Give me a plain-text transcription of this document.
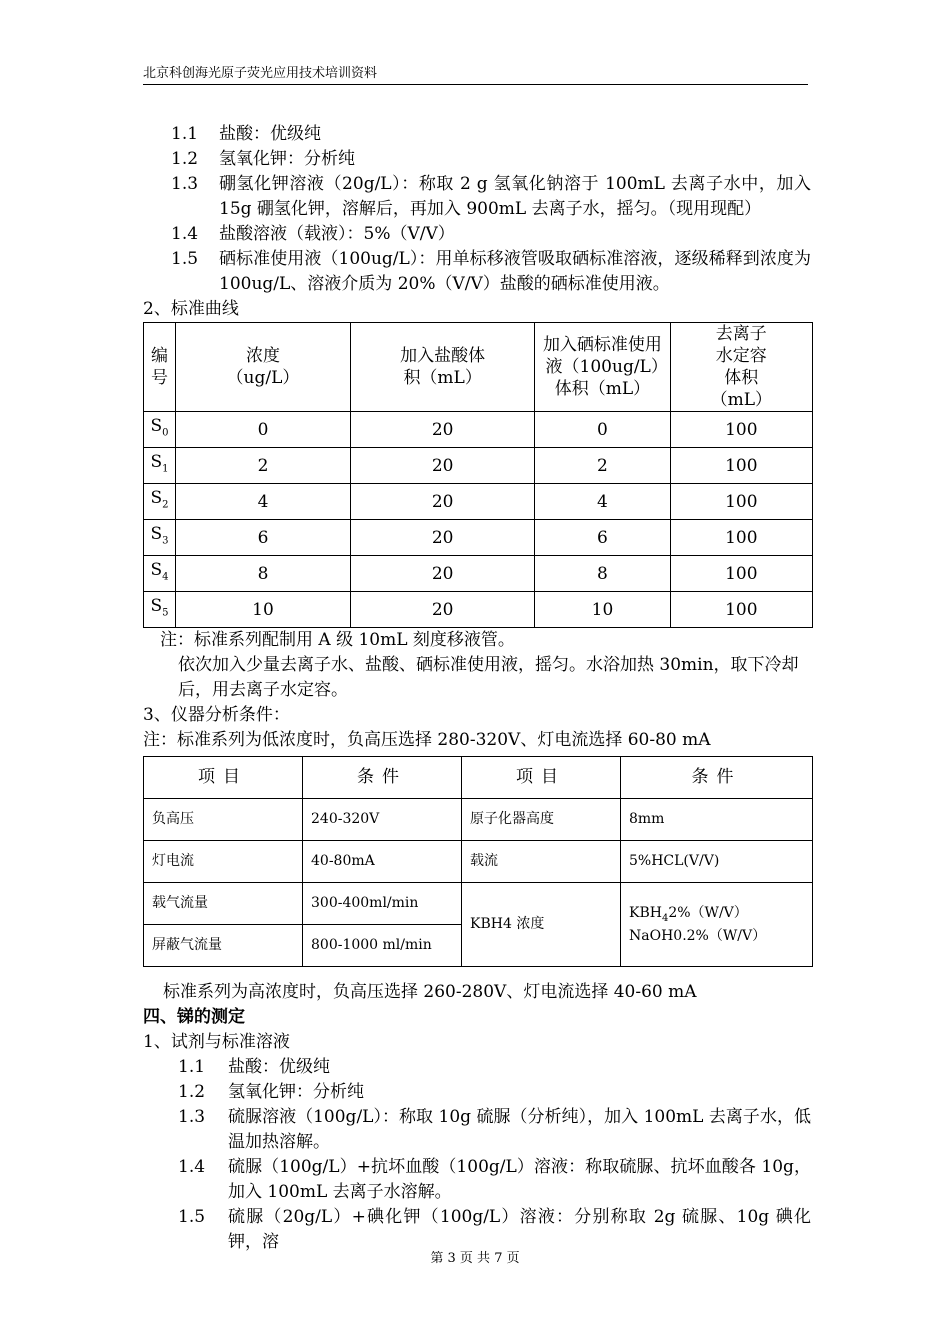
北京科创海光原子荧光应用技术培训资料
1.1	盐酸：优级纯
1.2	氢氧化钾：分析纯
1.3	硼氢化钾溶液（20g/L）：称取 2 g 氢氧化钠溶于 100mL 去离子水中，加入15g 硼氢化钾，溶解后，再加入 900mL 去离子水，摇匀。（现用现配）
1.4	盐酸溶液（载液）：5%（V/V）
1.5	硒标准使用液（100ug/L）：用单标移液管吸取硒标准溶液，逐级稀释到浓度为 100ug/L、溶液介质为 20%（V/V）盐酸的硒标准使用液。
2、标准曲线
编号	浓度（ug/L）	加入盐酸体积（mL）	加入硒标准使用液（100ug/L）体积（mL）	去离子水定容体积（mL）
$S_0$	0	20	0	100
$S_1$	2	20	2	100
$S_2$	4	20	4	100
$S_3$	6	20	6	100
$S_4$	8	20	8	100
$S_5$	10	20	10	100
注：标准系列配制用 A 级 10mL 刻度移液管。
依次加入少量去离子水、盐酸、硒标准使用液，摇匀。水浴加热 30min，取下冷却后，用去离子水定容。
3、仪器分析条件：
注：标准系列为低浓度时，负高压选择 280-320V、灯电流选择 60-80 mA
项目	条件	项目	条件
负高压	240-320V	原子化器高度	8mm
灯电流	40-80mA	载流	5%HCL(V/V)
载气流量	300-400ml/min	KBH4 浓度	$KBH_42\%(W/V)$
NaOH0.2%（W/V）
屏蔽气流量	800-1000 ml/min		
标准系列为高浓度时，负高压选择 260-280V、灯电流选择 40-60 mA
四、锑的测定
1、试剂与标准溶液
1.1	盐酸：优级纯
1.2	氢氧化钾：分析纯
1.3	硫脲溶液（100g/L）：称取 10g 硫脲（分析纯），加入 100mL 去离子水，低温加热溶解。
1.4	硫脲（100g/L）+抗坏血酸（100g/L）溶液：称取硫脲、抗坏血酸各 10g，加入 100mL 去离子水溶解。
1.5	硫脲（20g/L）+碘化钾（100g/L）溶液：分别称取 2g 硫脲、10g 碘化钾，溶
第 3 页 共 7 页
